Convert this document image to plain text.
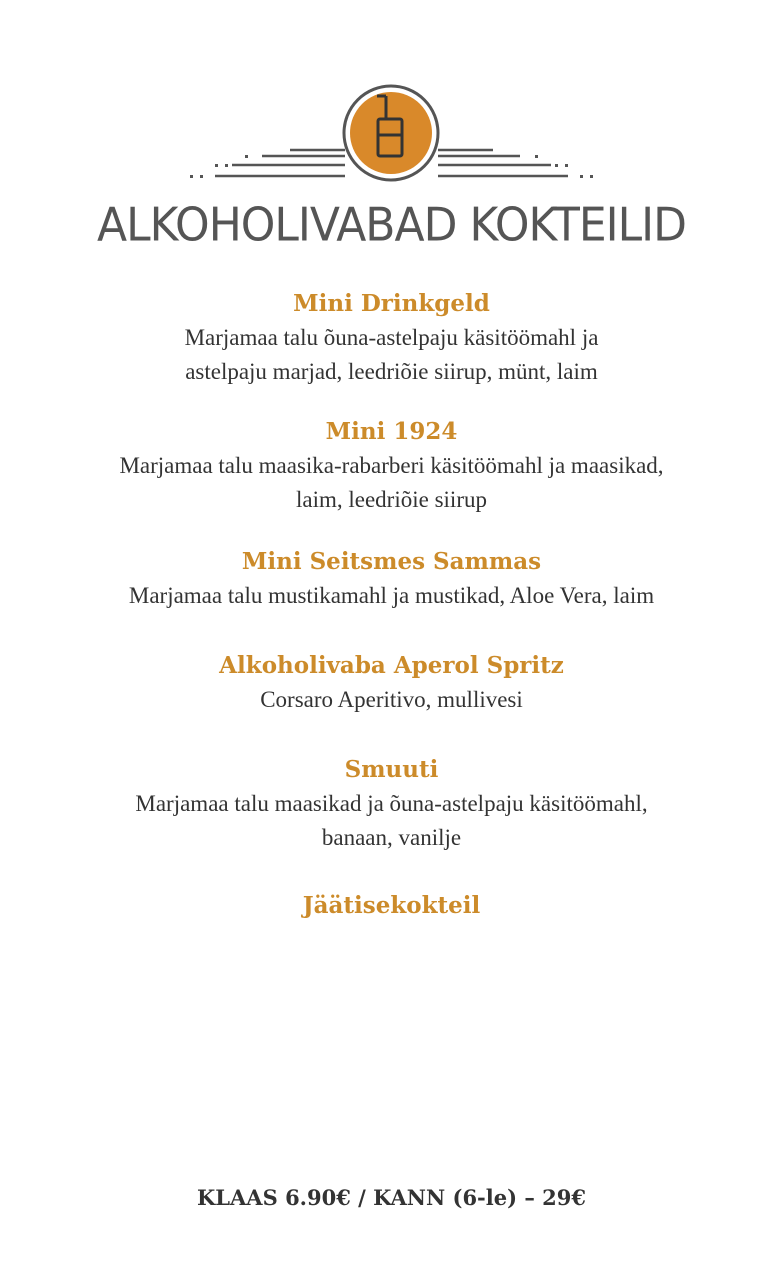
ALKOHOLIVABAD KOKTEILID
Mini Drinkgeld
Marjamaa talu õuna-astelpaju käsitöömahl ja
astelpaju marjad, leedriõie siirup, münt, laim
Mini 1924
Marjamaa talu maasika-rabarberi käsitöömahl ja maasikad,
laim, leedriõie siirup
Mini Seitsmes Sammas
Marjamaa talu mustikamahl ja mustikad, Aloe Vera, laim
Alkoholivaba Aperol Spritz
Corsaro Aperitivo, mullivesi
Smuuti
Marjamaa talu maasikad ja õuna-astelpaju käsitöömahl,
banaan, vanilje
Jäätisekokteil
KLAAS 6.90€ / KANN (6-le) – 29€
